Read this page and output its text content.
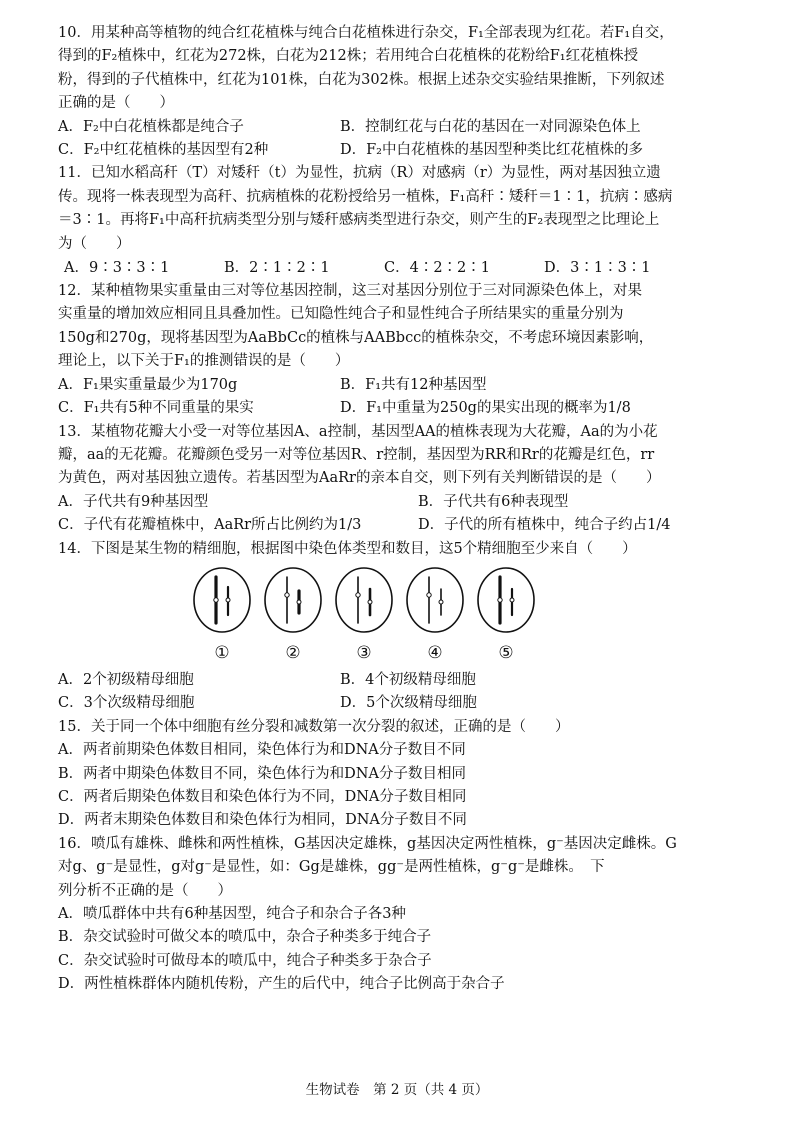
10．用某种高等植物的纯合红花植株与纯合白花植株进行杂交，F₁全部表现为红花。若F₁自交，
得到的F₂植株中，红花为272株，白花为212株；若用纯合白花植株的花粉给F₁红花植株授
粉，得到的子代植株中，红花为101株，白花为302株。根据上述杂交实验结果推断，下列叙述
正确的是（　　）
A．F₂中白花植株都是纯合子	B．控制红花与白花的基因在一对同源染色体上
C．F₂中红花植株的基因型有2种	D．F₂中白花植株的基因型种类比红花植株的多
11．已知水稻高秆（T）对矮秆（t）为显性，抗病（R）对感病（r）为显性，两对基因独立遗
传。现将一株表现型为高秆、抗病植株的花粉授给另一植株，F₁高秆∶矮秆＝1∶1，抗病∶感病
＝3∶1。再将F₁中高秆抗病类型分别与矮秆感病类型进行杂交，则产生的F₂表现型之比理论上
为（　　）
A．9∶3∶3∶1	B．2∶1∶2∶1	C．4∶2∶2∶1	D．3∶1∶3∶1
12．某种植物果实重量由三对等位基因控制，这三对基因分别位于三对同源染色体上，对果
实重量的增加效应相同且具叠加性。已知隐性纯合子和显性纯合子所结果实的重量分别为
150g和270g，现将基因型为AaBbCc的植株与AABbcc的植株杂交，不考虑环境因素影响，
理论上，以下关于F₁的推测错误的是（　　）
A．F₁果实重量最少为170g	B．F₁共有12种基因型
C．F₁共有5种不同重量的果实	D．F₁中重量为250g的果实出现的概率为1/8
13．某植物花瓣大小受一对等位基因A、a控制，基因型AA的植株表现为大花瓣，Aa的为小花
瓣，aa的无花瓣。花瓣颜色受另一对等位基因R、r控制，基因型为RR和Rr的花瓣是红色，rr
为黄色，两对基因独立遗传。若基因型为AaRr的亲本自交，则下列有关判断错误的是（　　）
A．子代共有9种基因型	B．子代共有6种表现型
C．子代有花瓣植株中，AaRr所占比例约为1/3	D．子代的所有植株中，纯合子约占1/4
14．下图是某生物的精细胞，根据图中染色体类型和数目，这5个精细胞至少来自（　　）
①	②	③	④	⑤
A．2个初级精母细胞	B．4个初级精母细胞
C．3个次级精母细胞	D．5个次级精母细胞
15．关于同一个体中细胞有丝分裂和减数第一次分裂的叙述，正确的是（　　）
A．两者前期染色体数目相同，染色体行为和DNA分子数目不同
B．两者中期染色体数目不同，染色体行为和DNA分子数目相同
C．两者后期染色体数目和染色体行为不同，DNA分子数目相同
D．两者末期染色体数目和染色体行为相同，DNA分子数目不同
16．喷瓜有雄株、雌株和两性植株，G基因决定雄株，g基因决定两性植株，g⁻基因决定雌株。G
对g、g⁻是显性，g对g⁻是显性，如：Gg是雄株，gg⁻是两性植株，g⁻g⁻是雌株。　下
列分析不正确的是（　　）
A．喷瓜群体中共有6种基因型，纯合子和杂合子各3种
B．杂交试验时可做父本的喷瓜中，杂合子种类多于纯合子
C．杂交试验时可做母本的喷瓜中，纯合子种类多于杂合子
D．两性植株群体内随机传粉，产生的后代中，纯合子比例高于杂合子
生物试卷　第 2 页（共 4 页）
